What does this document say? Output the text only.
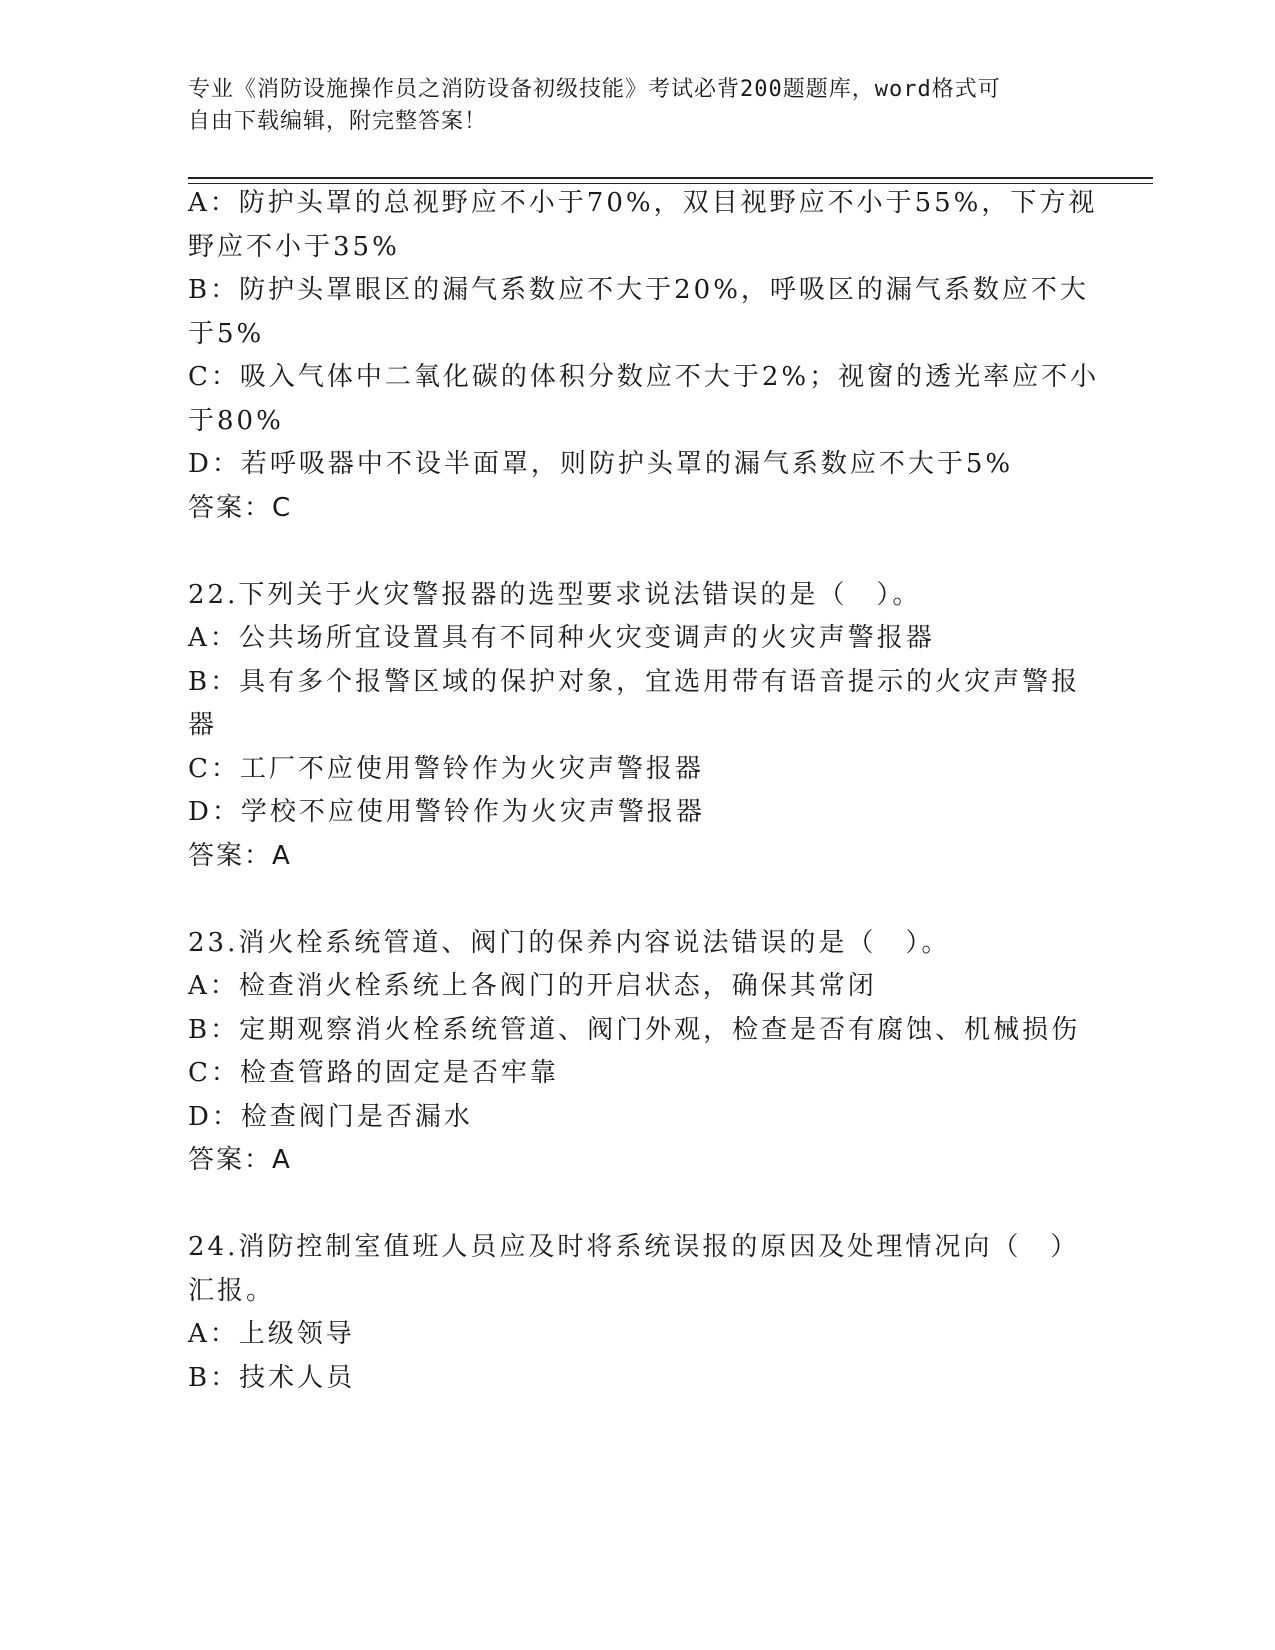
专业《消防设施操作员之消防设备初级技能》考试必背200题题库，word格式可
自由下载编辑，附完整答案！
A：防护头罩的总视野应不小于70%，双目视野应不小于55%，下方视
野应不小于35%
B：防护头罩眼区的漏气系数应不大于20%，呼吸区的漏气系数应不大
于5%
C：吸入气体中二氧化碳的体积分数应不大于2%；视窗的透光率应不小
于80%
D：若呼吸器中不设半面罩，则防护头罩的漏气系数应不大于5%
答案：C
22.下列关于火灾警报器的选型要求说法错误的是（　）。
A：公共场所宜设置具有不同种火灾变调声的火灾声警报器
B：具有多个报警区域的保护对象，宜选用带有语音提示的火灾声警报
器
C：工厂不应使用警铃作为火灾声警报器
D：学校不应使用警铃作为火灾声警报器
答案：A
23.消火栓系统管道、阀门的保养内容说法错误的是（　）。
A：检查消火栓系统上各阀门的开启状态，确保其常闭
B：定期观察消火栓系统管道、阀门外观，检查是否有腐蚀、机械损伤
C：检查管路的固定是否牢靠
D：检查阀门是否漏水
答案：A
24.消防控制室值班人员应及时将系统误报的原因及处理情况向（　）
汇报。
A：上级领导
B：技术人员
